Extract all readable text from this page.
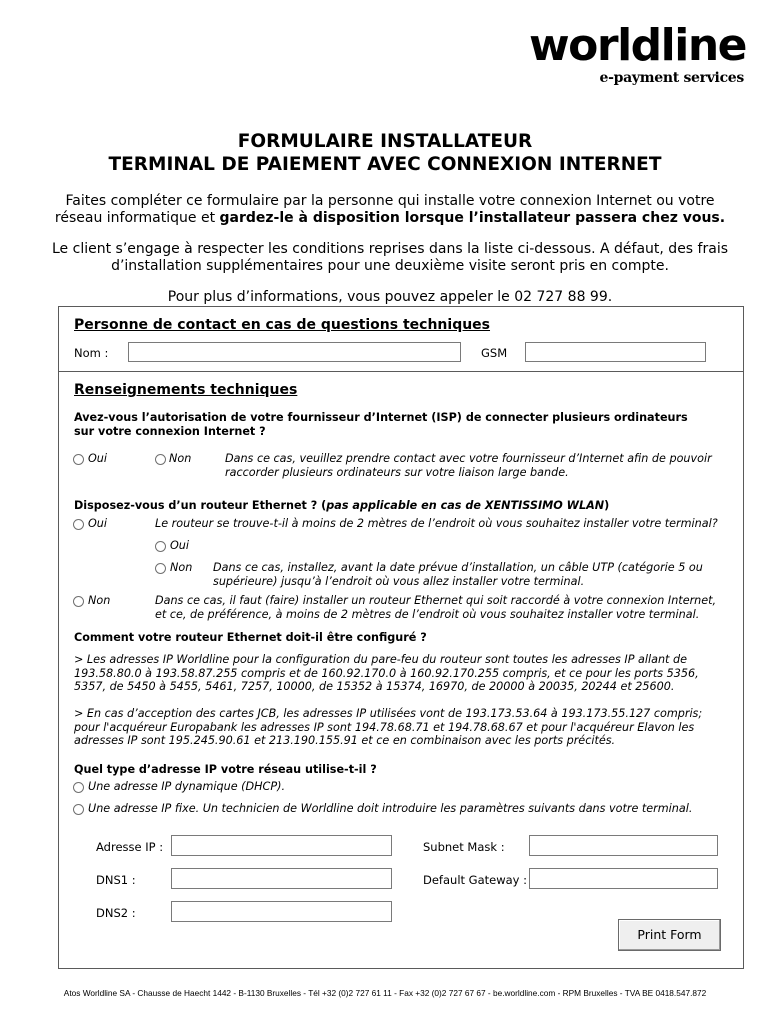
worldline
e-payment services
FORMULAIRE INSTALLATEUR
TERMINAL DE PAIEMENT AVEC CONNEXION INTERNET
Faites compléter ce formulaire par la personne qui installe votre connexion Internet ou votre
réseau informatique et gardez-le à disposition lorsque l’installateur passera chez vous.
Le client s’engage à respecter les conditions reprises dans la liste ci-dessous. A défaut, des frais
d’installation supplémentaires pour une deuxième visite seront pris en compte.
Pour plus d’informations, vous pouvez appeler le 02 727 88 99.
Personne de contact en cas de questions techniques
Nom :	GSM
Renseignements techniques
Avez-vous l’autorisation de votre fournisseur d’Internet (ISP) de connecter plusieurs ordinateurs
sur votre connexion Internet ?
Oui	Non	Dans ce cas, veuillez prendre contact avec votre fournisseur d’Internet afin de pouvoir
raccorder plusieurs ordinateurs sur votre liaison large bande.
Disposez-vous d’un routeur Ethernet ? (pas applicable en cas de XENTISSIMO WLAN)
Oui	Le routeur se trouve-t-il à moins de 2 mètres de l’endroit où vous souhaitez installer votre terminal?
Oui
Non Dans ce cas, installez, avant la date prévue d’installation, un câble UTP (catégorie 5 ou
supérieure) jusqu’à l’endroit où vous allez installer votre terminal.
Non	Dans ce cas, il faut (faire) installer un routeur Ethernet qui soit raccordé à votre connexion Internet,
et ce, de préférence, à moins de 2 mètres de l’endroit où vous souhaitez installer votre terminal.
Comment votre routeur Ethernet doit-il être configuré ?
> Les adresses IP Worldline pour la configuration du pare-feu du routeur sont toutes les adresses IP allant de
193.58.80.0 à 193.58.87.255 compris et de 160.92.170.0 à 160.92.170.255 compris, et ce pour les ports 5356,
5357, de 5450 à 5455, 5461, 7257, 10000, de 15352 à 15374, 16970, de 20000 à 20035, 20244 et 25600.
> En cas d’acception des cartes JCB, les adresses IP utilisées vont de 193.173.53.64 à 193.173.55.127 compris;
pour l'acquéreur Europabank les adresses IP sont 194.78.68.71 et 194.78.68.67 et pour l'acquéreur Elavon les
adresses IP sont 195.245.90.61 et 213.190.155.91 et ce en combinaison avec les ports précités.
Quel type d’adresse IP votre réseau utilise-t-il ?
Une adresse IP dynamique (DHCP).
Une adresse IP fixe. Un technicien de Worldline doit introduire les paramètres suivants dans votre terminal.
Adresse IP :	Subnet Mask :
DNS1 :	Default Gateway :
DNS2 :
Print Form
Atos Worldline SA - Chausse de Haecht 1442 - B-1130 Bruxelles - Tél +32 (0)2 727 61 11 - Fax +32 (0)2 727 67 67 - be.worldline.com - RPM Bruxelles - TVA BE 0418.547.872
